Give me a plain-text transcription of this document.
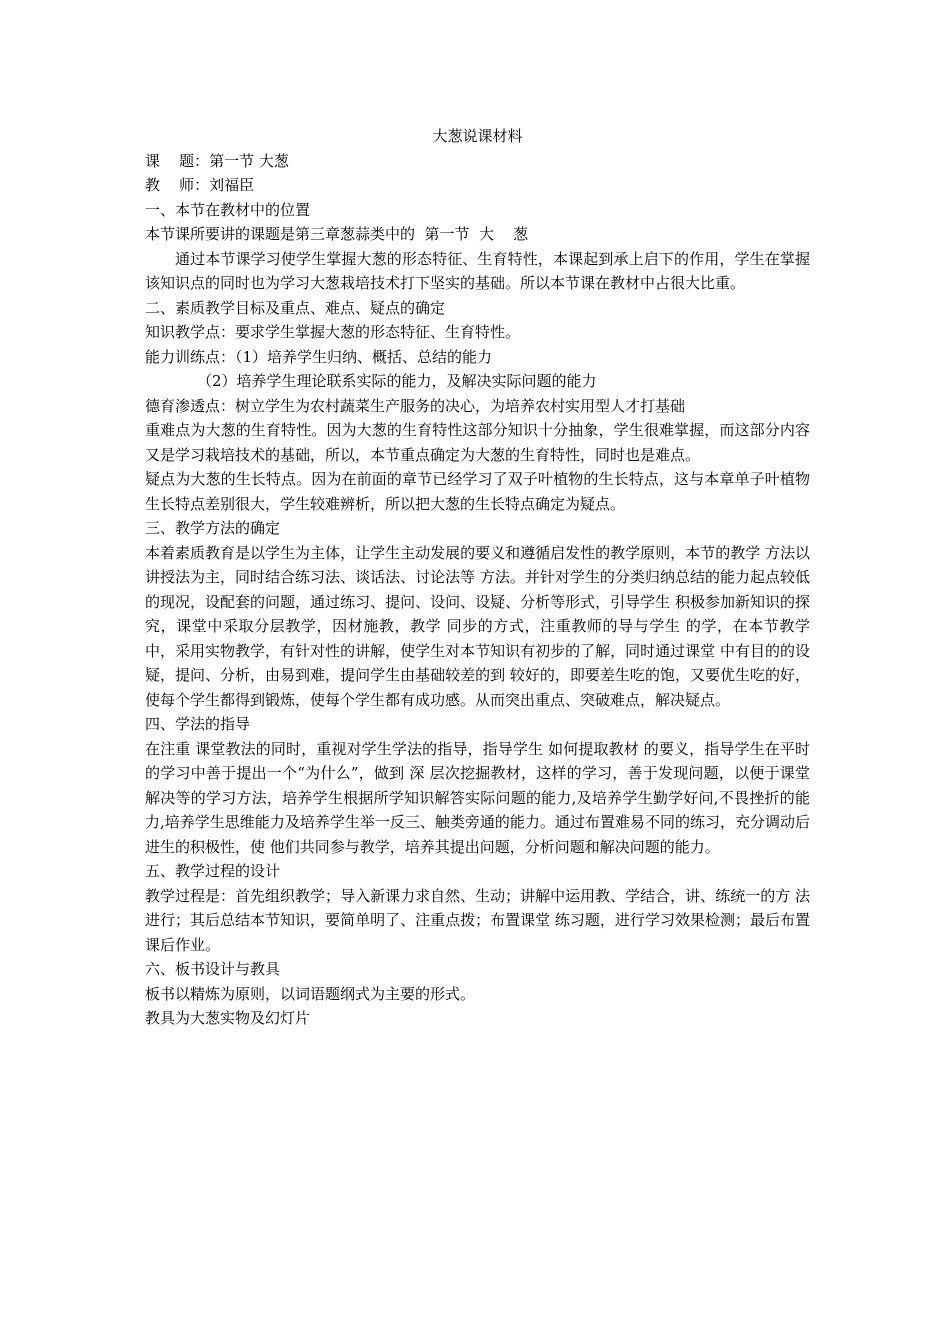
大葱说课材料

课    题：第一节 大葱

教    师：刘福臣

一、本节在教材中的位置

本节课所要讲的课题是第三章葱蒜类中的  第一节  大    葱

通过本节课学习使学生掌握大葱的形态特征、生育特性，本课起到承上启下的作用，学生在掌握该知识点的同时也为学习大葱栽培技术打下坚实的基础。所以本节课在教材中占很大比重。

二、素质教学目标及重点、难点、疑点的确定

知识教学点：要求学生掌握大葱的形态特征、生育特性。

能力训练点：（1）培养学生归纳、概括、总结的能力

（2）培养学生理论联系实际的能力，及解决实际问题的能力

德育渗透点：树立学生为农村蔬菜生产服务的决心，为培养农村实用型人才打基础

重难点为大葱的生育特性。因为大葱的生育特性这部分知识十分抽象，学生很难掌握，而这部分内容又是学习栽培技术的基础，所以，本节重点确定为大葱的生育特性，同时也是难点。

疑点为大葱的生长特点。因为在前面的章节已经学习了双子叶植物的生长特点，这与本章单子叶植物生长特点差别很大，学生较难辨析，所以把大葱的生长特点确定为疑点。

三、教学方法的确定

本着素质教育是以学生为主体，让学生主动发展的要义和遵循启发性的教学原则，本节的教学 方法以讲授法为主，同时结合练习法、谈话法、讨论法等 方法。并针对学生的分类归纳总结的能力起点较低的现况，设配套的问题，通过练习、提问、设问、设疑、分析等形式，引导学生 积极参加新知识的探究，课堂中采取分层教学，因材施教，教学 同步的方式，注重教师的导与学生 的学，在本节教学中，采用实物教学，有针对性的讲解，使学生对本节知识有初步的了解，同时通过课堂 中有目的的设疑，提问、分析，由易到难，提问学生由基础较差的到 较好的，即要差生吃的饱，又要优生吃的好，使每个学生都得到锻炼，使每个学生都有成功感。从而突出重点、突破难点，解决疑点。

四、学法的指导

在注重 课堂教法的同时，重视对学生学法的指导，指导学生 如何提取教材 的要义，指导学生在平时的学习中善于提出一个“为什么”，做到 深 层次挖掘教材，这样的学习，善于发现问题，以便于课堂解决等的学习方法，培养学生根据所学知识解答实际问题的能力,及培养学生勤学好问,不畏挫折的能力,培养学生思维能力及培养学生举一反三、触类旁通的能力。通过布置难易不同的练习，充分调动后进生的积极性，使 他们共同参与教学，培养其提出问题，分析问题和解决问题的能力。

五、教学过程的设计

教学过程是：首先组织教学；导入新课力求自然、生动；讲解中运用教、学结合，讲、练统一的方 法进行；其后总结本节知识，要简单明了、注重点拨；布置课堂 练习题，进行学习效果检测；最后布置 课后作业。

六、板书设计与教具

板书以精炼为原则，以词语题纲式为主要的形式。

教具为大葱实物及幻灯片
